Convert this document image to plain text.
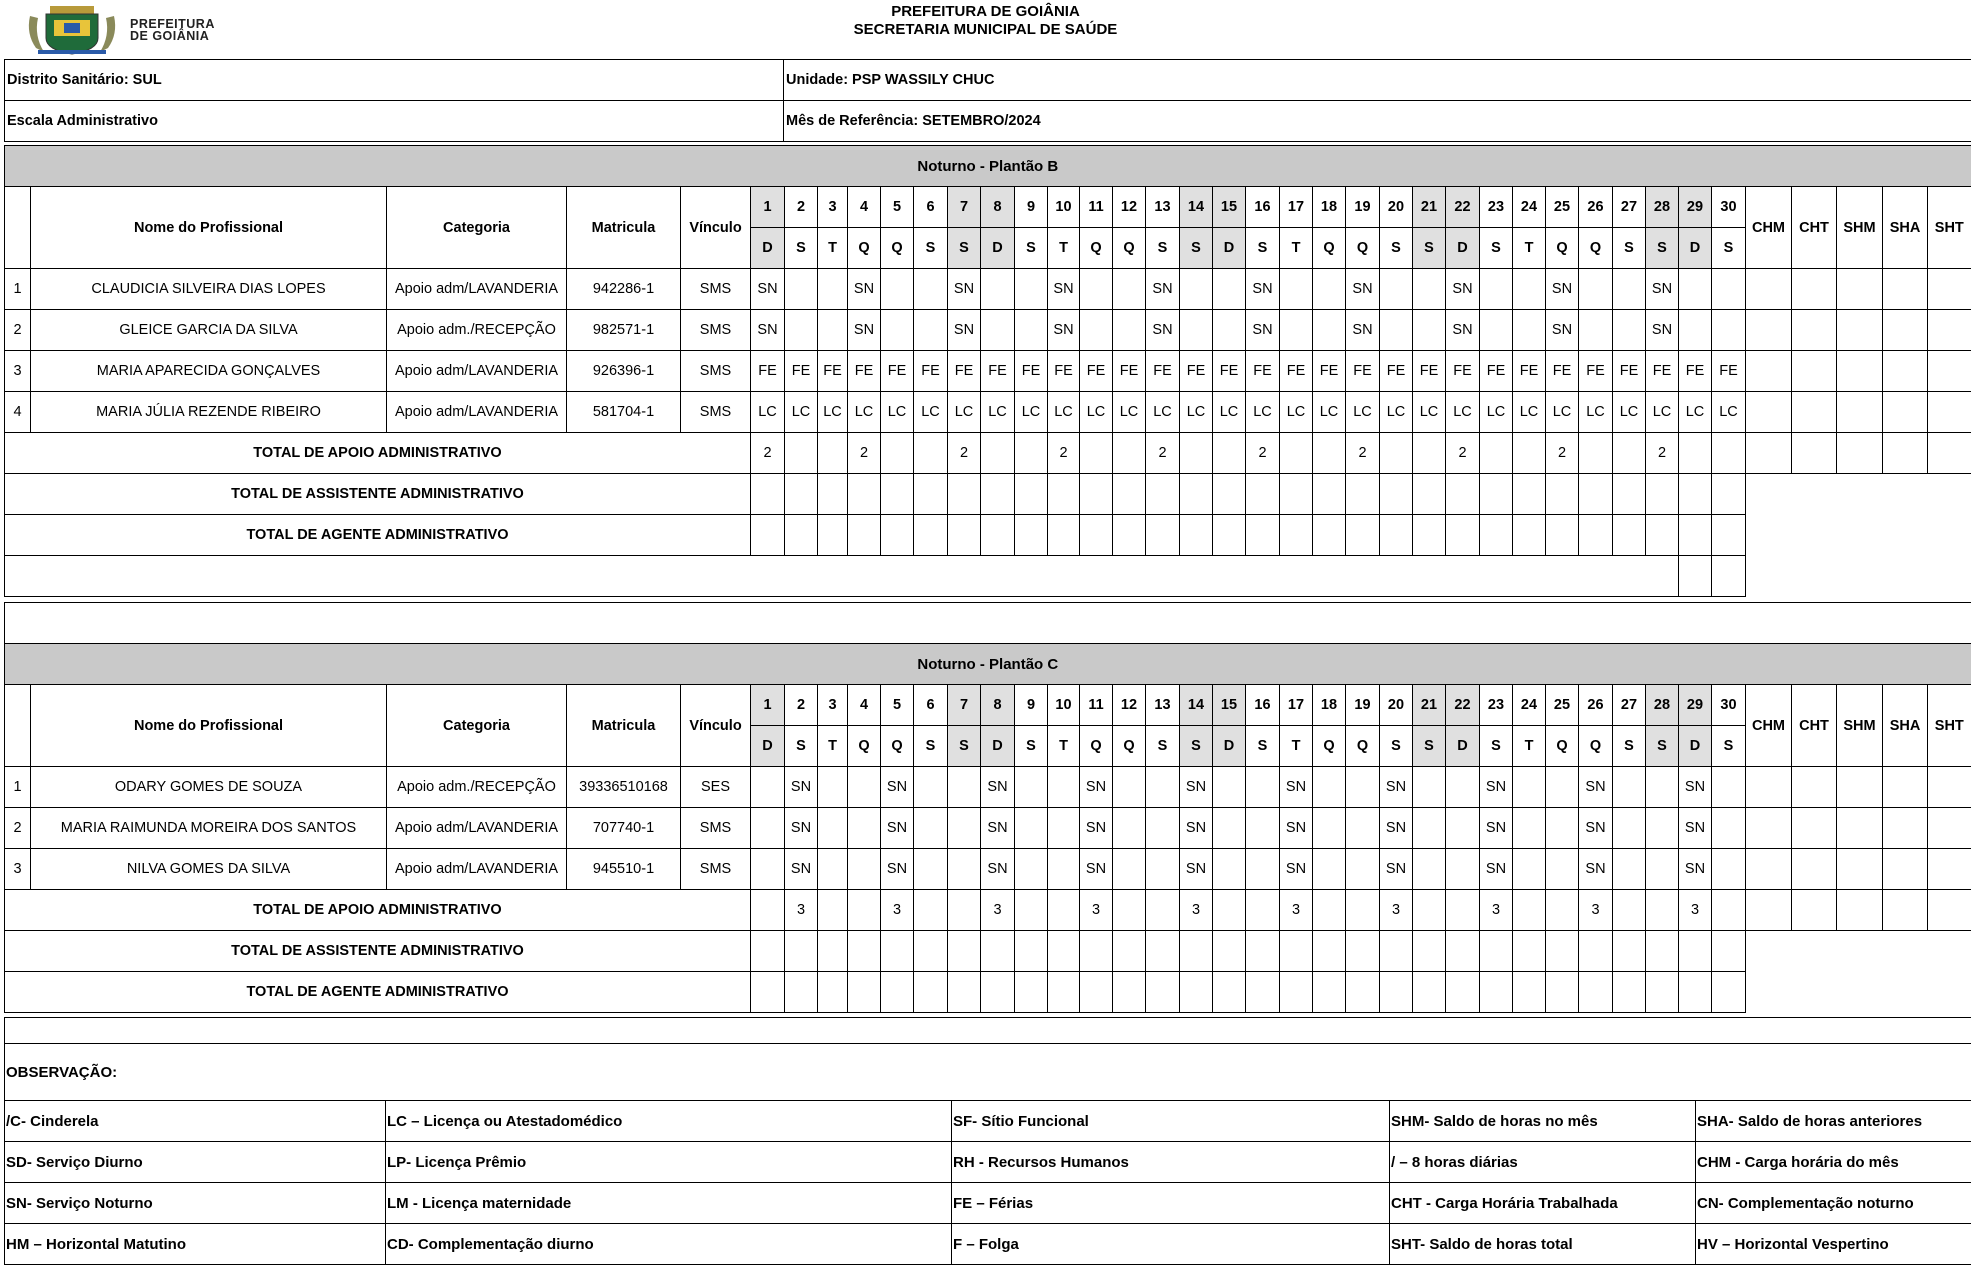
PREFEITURA
DE GOIÂNIA
PREFEITURA DE GOIÂNIA
SECRETARIA MUNICIPAL DE SAÚDE
Distrito Sanitário: SUL	Unidade: PSP WASSILY CHUC
Escala Administrativo	Mês de Referência: SETEMBRO/2024
Noturno - Plantão B																																							
	Nome do Profissional	Categoria	Matricula	Vínculo	1	2	3	4	5	6	7	8	9	10	11	12	13	14	15	16	17	18	19	20	21	22	23	24	25	26	27	28	29	30	CHM	CHT	SHM	SHA	SHT
					D	S	T	Q	Q	S	S	D	S	T	Q	Q	S	S	D	S	T	Q	Q	S	S	D	S	T	Q	Q	S	S	D	S					
1	CLAUDICIA SILVEIRA DIAS LOPES	Apoio adm/LAVANDERIA	942286-1	SMS	SN			SN			SN			SN			SN			SN			SN			SN			SN			SN							
2	GLEICE GARCIA DA SILVA	Apoio adm./RECEPÇÃO	982571-1	SMS	SN			SN			SN			SN			SN			SN			SN			SN			SN			SN							
3	MARIA APARECIDA GONÇALVES	Apoio adm/LAVANDERIA	926396-1	SMS	FE	FE	FE	FE	FE	FE	FE	FE	FE	FE	FE	FE	FE	FE	FE	FE	FE	FE	FE	FE	FE	FE	FE	FE	FE	FE	FE	FE	FE	FE					
4	MARIA JÚLIA REZENDE RIBEIRO	Apoio adm/LAVANDERIA	581704-1	SMS	LC	LC	LC	LC	LC	LC	LC	LC	LC	LC	LC	LC	LC	LC	LC	LC	LC	LC	LC	LC	LC	LC	LC	LC	LC	LC	LC	LC	LC	LC					
TOTAL DE APOIO ADMINISTRATIVO					2			2			2			2			2			2			2			2			2			2							
TOTAL DE ASSISTENTE ADMINISTRATIVO																																							
TOTAL DE AGENTE ADMINISTRATIVO																																							

Noturno - Plantão C																																							
	Nome do Profissional	Categoria	Matricula	Vínculo	1	2	3	4	5	6	7	8	9	10	11	12	13	14	15	16	17	18	19	20	21	22	23	24	25	26	27	28	29	30	CHM	CHT	SHM	SHA	SHT
					D	S	T	Q	Q	S	S	D	S	T	Q	Q	S	S	D	S	T	Q	Q	S	S	D	S	T	Q	Q	S	S	D	S					
1	ODARY GOMES DE SOUZA	Apoio adm./RECEPÇÃO	39336510168	SES		SN			SN			SN			SN			SN			SN			SN			SN			SN			SN						
2	MARIA RAIMUNDA MOREIRA DOS SANTOS	Apoio adm/LAVANDERIA	707740-1	SMS		SN			SN			SN			SN			SN			SN			SN			SN			SN			SN						
3	NILVA GOMES DA SILVA	Apoio adm/LAVANDERIA	945510-1	SMS		SN			SN			SN			SN			SN			SN			SN			SN			SN			SN						
TOTAL DE APOIO ADMINISTRATIVO						3			3			3			3			3			3			3			3			3			3						
TOTAL DE ASSISTENTE ADMINISTRATIVO																																							
TOTAL DE AGENTE ADMINISTRATIVO																																							
OBSERVAÇÃO:				
/C- Cinderela	LC – Licença ou Atestadomédico	SF- Sítio Funcional	SHM- Saldo de horas no mês	SHA- Saldo de horas anteriores
SD- Serviço Diurno	LP- Licença Prêmio	RH - Recursos Humanos	/ – 8 horas diárias	CHM - Carga horária do mês
SN- Serviço Noturno	LM - Licença maternidade	FE – Férias	CHT - Carga Horária Trabalhada	CN- Complementação noturno
HM – Horizontal Matutino	CD- Complementação diurno	F – Folga	SHT- Saldo de horas total	HV – Horizontal Vespertino
